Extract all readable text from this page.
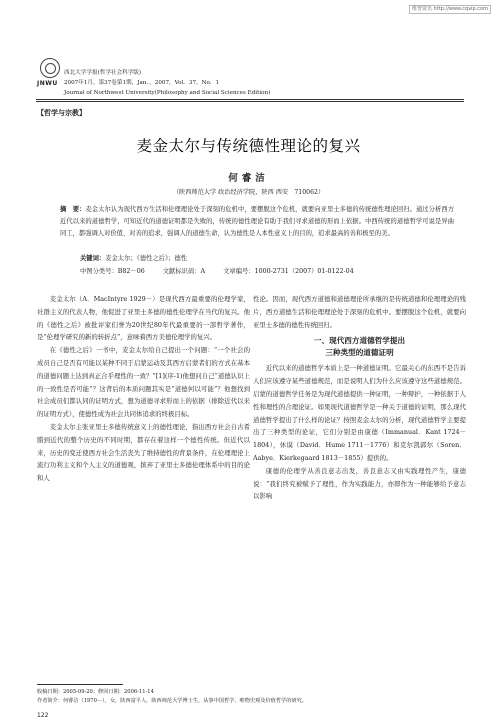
维普资讯 http://www.cqvip.com
JNWU
西北大学学报(哲学社会科学版)
2007年1月，第37卷第1期，Jan．，2007，Vol．37，No．1
Journal of Northwest University(Philosophy and Social Sciences Edition)
【哲学与宗教】
麦金太尔与传统德性理论的复兴
何睿洁
（陕西师范大学 政治经济学院，陕西 西安　710062）
摘　要：麦金太尔认为现代西方生活和伦理理论处于深刻的危机中，要摆脱这个危机，就要向亚里士多德的传统德性理论回归。通过分析西方近代以来的道德哲学，可知近代的道德证明都是失败的，传统的德性理论有助于我们寻求道德的形而上依据。中西传统的道德哲学可说是异曲同工，都强调人对价值、对善的追求，强调人的道德生命，认为德性是人本性意义上的目的，追求最高的善和极至的美。
关键词：麦金太尔；《德性之后》；德性
中图分类号：B82－06	文献标识码：A	文章编号：1000-2731（2007）01-0122-04

麦金太尔（A．MacIntyre 1929－）是现代西方最重要的伦理学家，社群主义的代表人物，他促进了亚里士多德的德性伦理学在当代的复兴。他的《德性之后》被批评家们誉为20世纪80年代最重要的一部哲学著作，是“伦理学研究的新的转折点”，意味着西方美德伦理学的复兴。

在《德性之后》一书中，麦金太尔给自己提出一个问题：“一个社会的成员自己是否有可能以某种不同于启蒙运动及其西方启蒙者们的方式在基本的道德问题上达到真正合乎理性的一致？”[1](序-1)他想问自己“道德认识上的一致性是否可能”？这背后的本质问题其实是“道德何以可能”？他想找到社会成员们都认同的证明方式，想为道德寻求形而上的依据（排除近代以来的证明方式），使德性成为社会共同体追求的终极目标。

麦金太尔主张亚里士多德传统意义上的德性理论，指出西方社会自古希腊到近代的整个历史的不同时期，都存在着这样一个德性传统。但近代以来，历史的变迁使西方社会生活丧失了维持德性的背景条件，在伦理理论上流行功利主义和个人主义的道德观，摈弃了亚里士多德伦理体系中的目的论和人

性论。因而，现代西方道德和道德理论所承继的是传统道德和伦理理论的残片，西方道德生活和伦理理论处于深刻的危机中。要摆脱这个危机，就要向亚里士多德的德性传统回归。

一、现代西方道德哲学提出
三种类型的道德证明

近代以来的道德哲学本质上是一种道德证明。它最关心的东西不是告诉人们应该遵守某些道德规范，而是说明人们为什么应该遵守这些道德规范。启蒙的道德哲学任务是为现代道德提供一种证明，一种辩护，一种依据于人性和理性的合理论证。如果现代道德哲学是一种关于道德的证明，那么现代道德哲学提出了什么样的论证？按照麦金太尔的分析，现代道德哲学主要提出了三种类型的论证，它们分别是由康德（Immanual．Kant 1724－1804），休谟（David．Hume 1711－1776）和克尔凯郭尔（Soren．Aabye．Kierkegaard 1813－1855）提供的。

康德的伦理学从善良意志出发，善良意志又由实践理性产生，康德说：“我们终究被赋予了理性，作为实践能力，亦即作为一种能够给予意志以影响

收稿日期：2005-09-20；修回日期：2006-11-14
作者简介：何睿洁（1970－），女，陕西富平人，陕西师范大学博士生，从事中国哲学、唯物史观及价值哲学的研究。
122
